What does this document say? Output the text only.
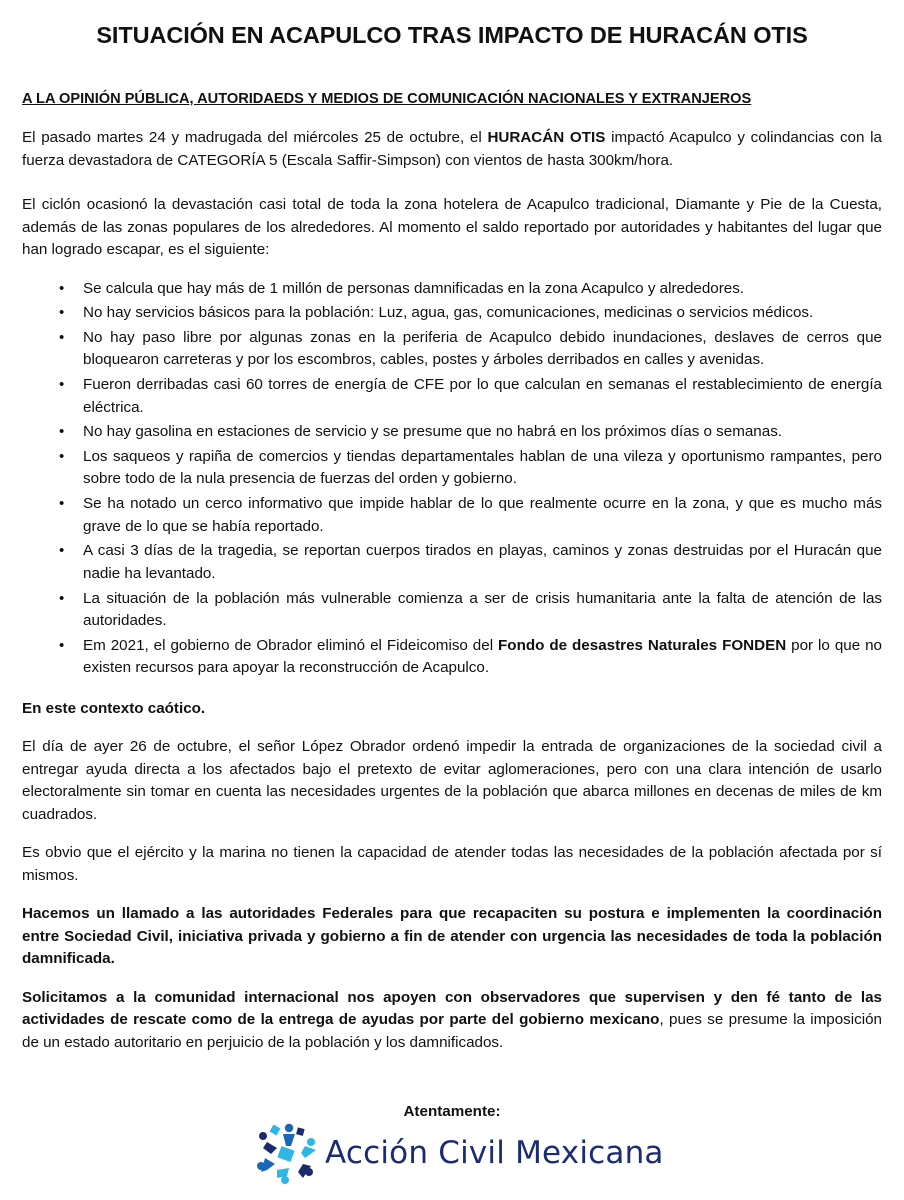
SITUACIÓN EN ACAPULCO TRAS IMPACTO DE HURACÁN OTIS
A LA OPINIÓN PÚBLICA, AUTORIDAEDS Y MEDIOS DE COMUNICACIÓN NACIONALES Y EXTRANJEROS

El pasado martes 24 y madrugada del miércoles 25 de octubre, el HURACÁN OTIS impactó Acapulco y colindancias con la fuerza devastadora de CATEGORÍA 5 (Escala Saffir-Simpson) con vientos de hasta 300km/hora.

El ciclón ocasionó la devastación casi total de toda la zona hotelera de Acapulco tradicional, Diamante y Pie de la Cuesta, además de las zonas populares de los alrededores. Al momento el saldo reportado por autoridades y habitantes del lugar que han logrado escapar, es el siguiente:

•	Se calcula que hay más de 1 millón de personas damnificadas en la zona Acapulco y alrededores.
•	No hay servicios básicos para la población: Luz, agua, gas, comunicaciones, medicinas o servicios médicos.
•	No hay paso libre por algunas zonas en la periferia de Acapulco debido inundaciones, deslaves de cerros que bloquearon carreteras y por los escombros, cables, postes y árboles derribados en calles y avenidas.
•	Fueron derribadas casi 60 torres de energía de CFE por lo que calculan en semanas el restablecimiento de energía eléctrica.
•	No hay gasolina en estaciones de servicio y se presume que no habrá en los próximos días o semanas.
•	Los saqueos y rapiña de comercios y tiendas departamentales hablan de una vileza y oportunismo rampantes, pero sobre todo de la nula presencia de fuerzas del orden y gobierno.
•	Se ha notado un cerco informativo que impide hablar de lo que realmente ocurre en la zona, y que es mucho más grave de lo que se había reportado.
•	A casi 3 días de la tragedia, se reportan cuerpos tirados en playas, caminos y zonas destruidas por el Huracán que nadie ha levantado.
•	La situación de la población más vulnerable comienza a ser de crisis humanitaria ante la falta de atención de las autoridades.
•	Em 2021, el gobierno de Obrador eliminó el Fideicomiso del Fondo de desastres Naturales FONDEN por lo que no existen recursos para apoyar la reconstrucción de Acapulco.

En este contexto caótico.

El día de ayer 26 de octubre, el señor López Obrador ordenó impedir la entrada de organizaciones de la sociedad civil a entregar ayuda directa a los afectados bajo el pretexto de evitar aglomeraciones, pero con una clara intención de usarlo electoralmente sin tomar en cuenta las necesidades urgentes de la población que abarca millones en decenas de miles de km cuadrados.

Es obvio que el ejército y la marina no tienen la capacidad de atender todas las necesidades de la población afectada por sí mismos.

Hacemos un llamado a las autoridades Federales para que recapaciten su postura e implementen la coordinación entre Sociedad Civil, iniciativa privada y gobierno a fin de atender con urgencia las necesidades de toda la población damnificada.

Solicitamos a la comunidad internacional nos apoyen con observadores que supervisen y den fé tanto de las actividades de rescate como de la entrega de ayudas por parte del gobierno mexicano, pues se presume la imposición de un estado autoritario en perjuicio de la población y los damnificados.

Atentamente:
Acción Civil Mexicana
